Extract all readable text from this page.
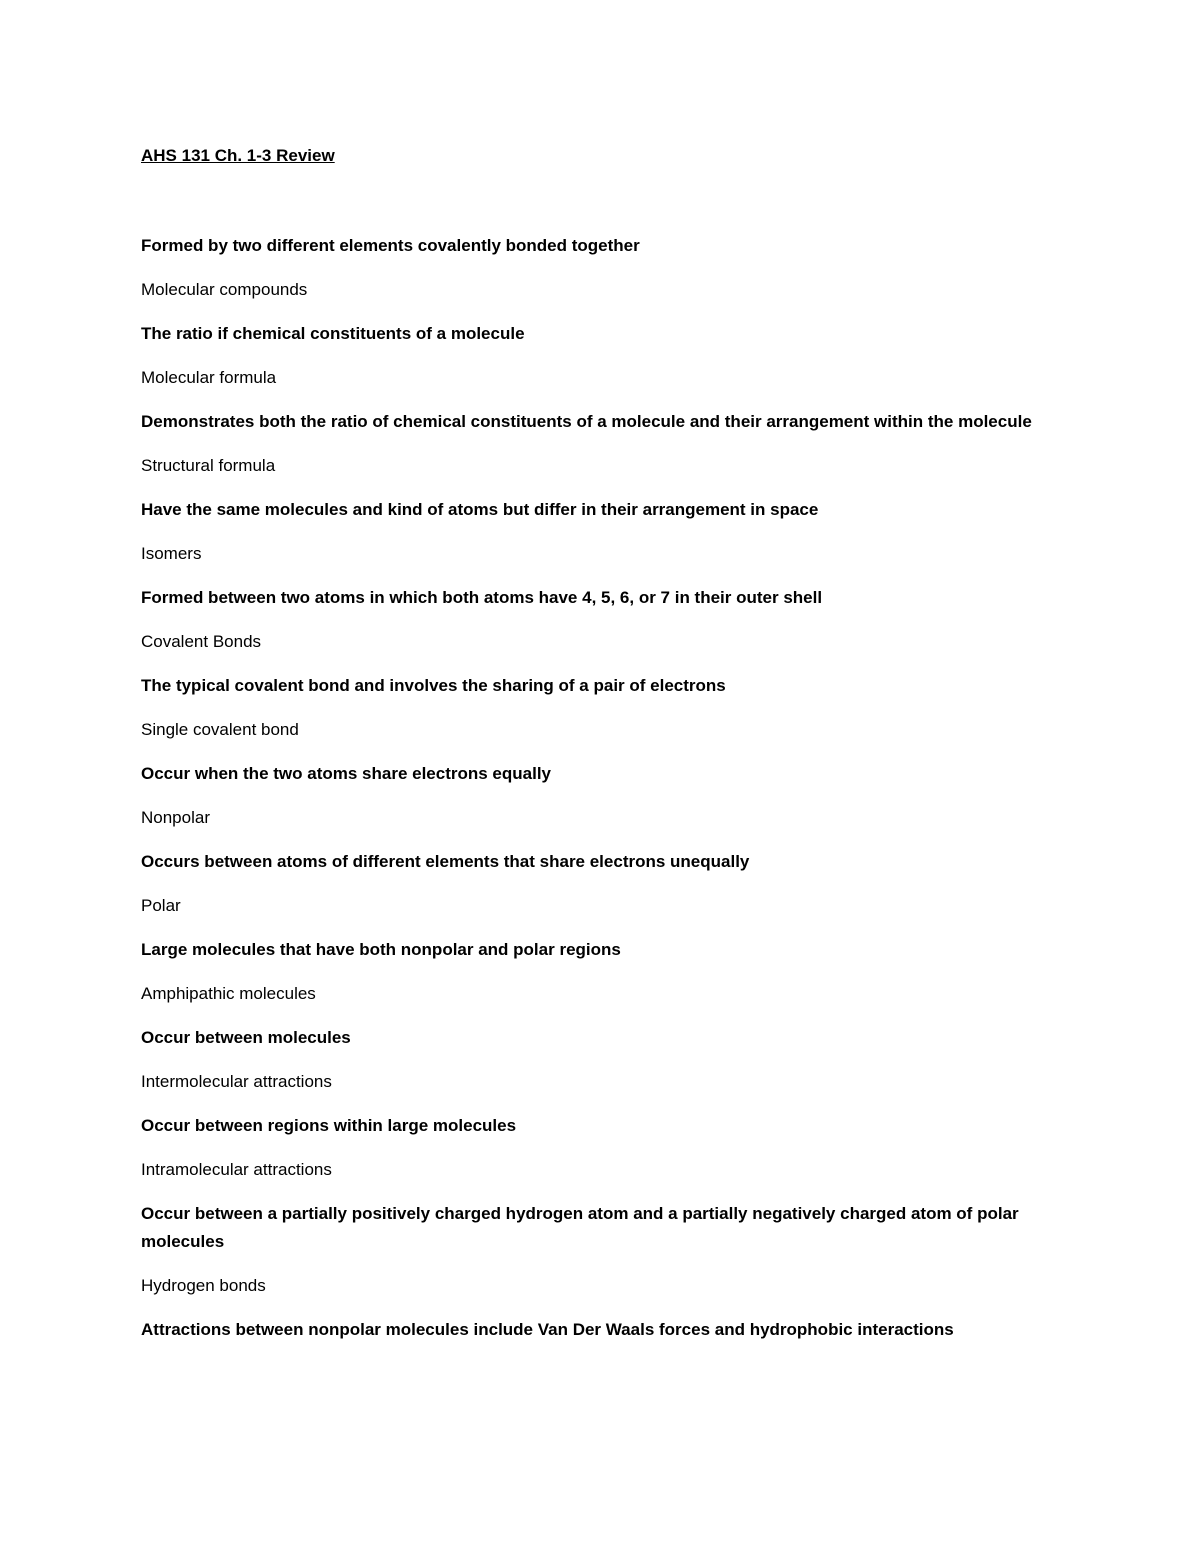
AHS 131 Ch. 1-3 Review
Formed by two different elements covalently bonded together
Molecular compounds
The ratio if chemical constituents of a molecule
Molecular formula
Demonstrates both the ratio of chemical constituents of a molecule and their arrangement within the molecule
Structural formula
Have the same molecules and kind of atoms but differ in their arrangement in space
Isomers
Formed between two atoms in which both atoms have 4, 5, 6, or 7 in their outer shell
Covalent Bonds
The typical covalent bond and involves the sharing of a pair of electrons
Single covalent bond
Occur when the two atoms share electrons equally
Nonpolar
Occurs between atoms of different elements that share electrons unequally
Polar
Large molecules that have both nonpolar and polar regions
Amphipathic molecules
Occur between molecules
Intermolecular attractions
Occur between regions within large molecules
Intramolecular attractions
Occur between a partially positively charged hydrogen atom and a partially negatively charged atom of polar molecules
Hydrogen bonds
Attractions between nonpolar molecules include Van Der Waals forces and hydrophobic interactions
